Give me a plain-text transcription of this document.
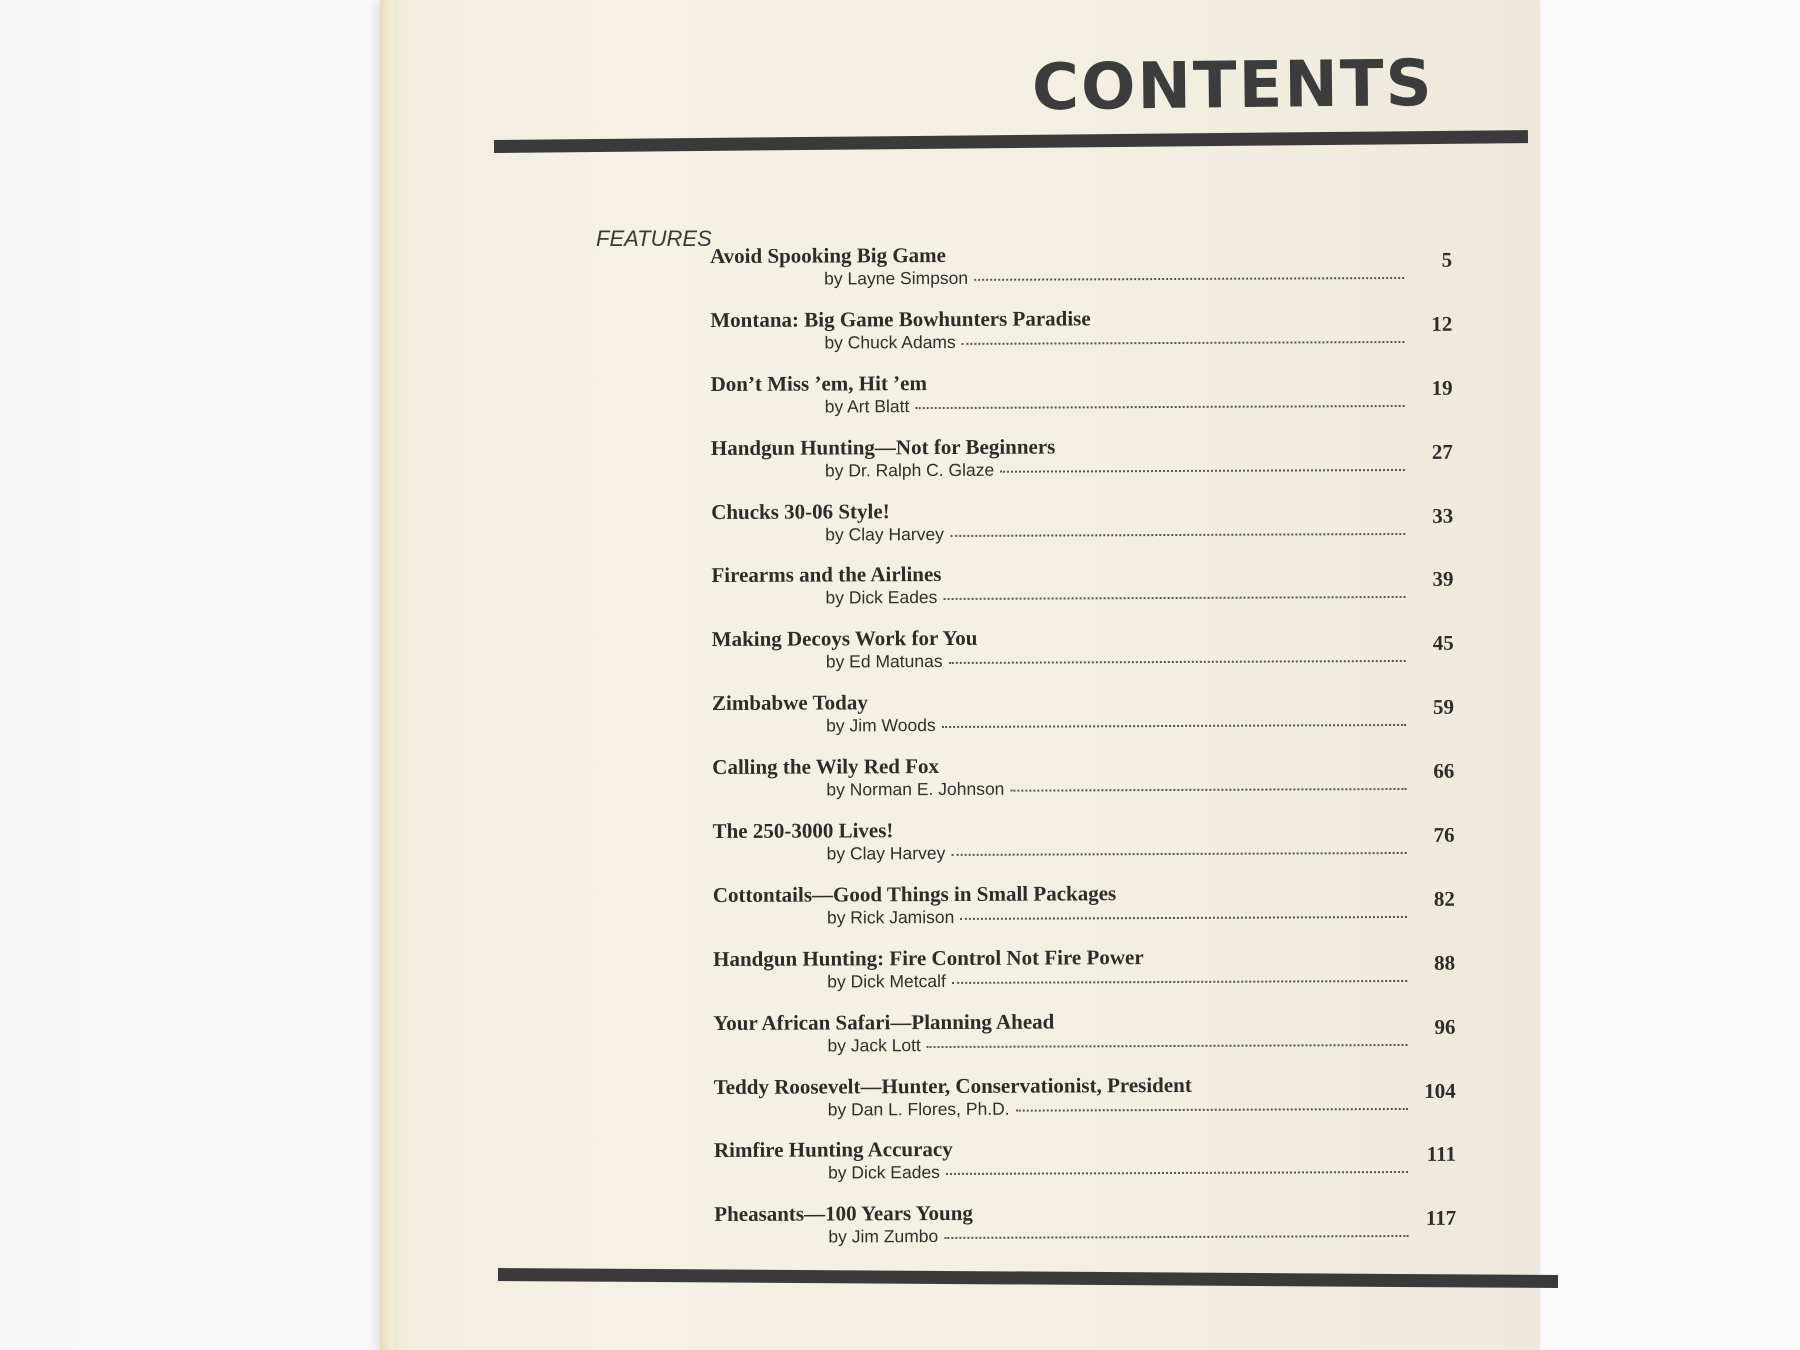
CONTENTS
FEATURES
Avoid Spooking Big Game
by Layne Simpson
5
Montana: Big Game Bowhunters Paradise
by Chuck Adams
12
Don’t Miss ’em, Hit ’em
by Art Blatt
19
Handgun Hunting—Not for Beginners
by Dr. Ralph C. Glaze
27
Chucks 30-06 Style!
by Clay Harvey
33
Firearms and the Airlines
by Dick Eades
39
Making Decoys Work for You
by Ed Matunas
45
Zimbabwe Today
by Jim Woods
59
Calling the Wily Red Fox
by Norman E. Johnson
66
The 250-3000 Lives!
by Clay Harvey
76
Cottontails—Good Things in Small Packages
by Rick Jamison
82
Handgun Hunting: Fire Control Not Fire Power
by Dick Metcalf
88
Your African Safari—Planning Ahead
by Jack Lott
96
Teddy Roosevelt—Hunter, Conservationist, President
by Dan L. Flores, Ph.D.
104
Rimfire Hunting Accuracy
by Dick Eades
111
Pheasants—100 Years Young
by Jim Zumbo
117
